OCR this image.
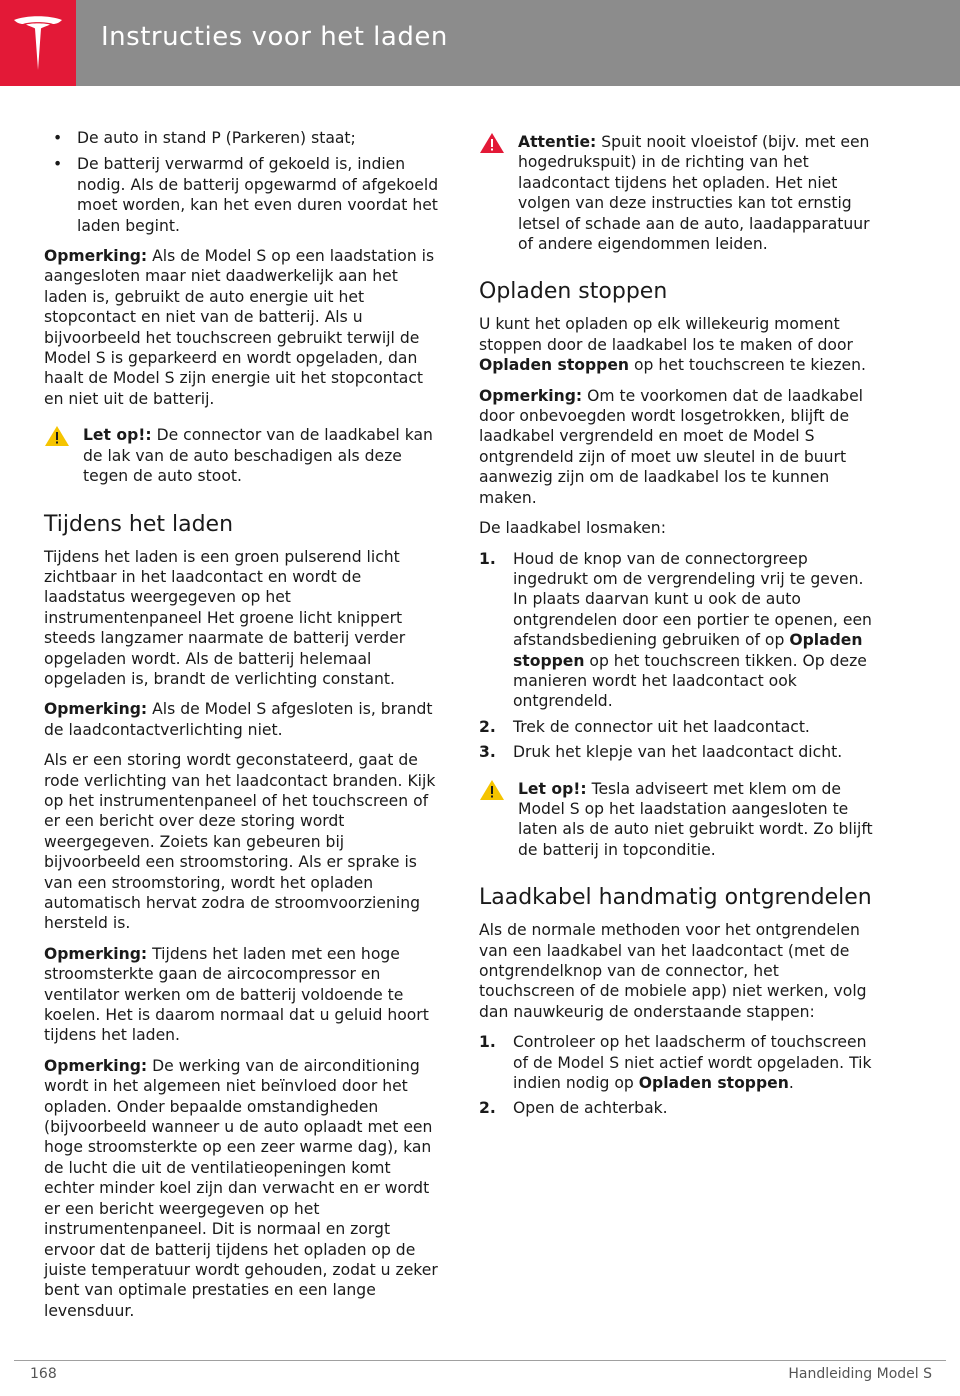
Instructies voor het laden
• De auto in stand P (Parkeren) staat;
• De batterij verwarmd of gekoeld is, indien nodig. Als de batterij opgewarmd of afgekoeld moet worden, kan het even duren voordat het laden begint.

Opmerking: Als de Model S op een laadstation is aangesloten maar niet daadwerkelijk aan het laden is, gebruikt de auto energie uit het stopcontact en niet van de batterij. Als u bijvoorbeeld het touchscreen gebruikt terwijl de Model S is geparkeerd en wordt opgeladen, dan haalt de Model S zijn energie uit het stopcontact en niet uit de batterij.

Let op!: De connector van de laadkabel kan de lak van de auto beschadigen als deze tegen de auto stoot.

Tijdens het laden

Tijdens het laden is een groen pulserend licht zichtbaar in het laadcontact en wordt de laadstatus weergegeven op het instrumentenpaneel Het groene licht knippert steeds langzamer naarmate de batterij verder opgeladen wordt. Als de batterij helemaal opgeladen is, brandt de verlichting constant.

Opmerking: Als de Model S afgesloten is, brandt de laadcontactverlichting niet.

Als er een storing wordt geconstateerd, gaat de rode verlichting van het laadcontact branden. Kijk op het instrumentenpaneel of het touchscreen of er een bericht over deze storing wordt weergegeven. Zoiets kan gebeuren bij bijvoorbeeld een stroomstoring. Als er sprake is van een stroomstoring, wordt het opladen automatisch hervat zodra de stroomvoorziening hersteld is.

Opmerking: Tijdens het laden met een hoge stroomsterkte gaan de aircocompressor en ventilator werken om de batterij voldoende te koelen. Het is daarom normaal dat u geluid hoort tijdens het laden.

Opmerking: De werking van de airconditioning wordt in het algemeen niet beïnvloed door het opladen. Onder bepaalde omstandigheden (bijvoorbeeld wanneer u de auto oplaadt met een hoge stroomsterkte op een zeer warme dag), kan de lucht die uit de ventilatieopeningen komt echter minder koel zijn dan verwacht en er wordt er een bericht weergegeven op het instrumentenpaneel. Dit is normaal en zorgt ervoor dat de batterij tijdens het opladen op de juiste temperatuur wordt gehouden, zodat u zeker bent van optimale prestaties en een lange levensduur.

Attentie: Spuit nooit vloeistof (bijv. met een hogedrukspuit) in de richting van het laadcontact tijdens het opladen. Het niet volgen van deze instructies kan tot ernstig letsel of schade aan de auto, laadapparatuur of andere eigendommen leiden.

Opladen stoppen

U kunt het opladen op elk willekeurig moment stoppen door de laadkabel los te maken of door Opladen stoppen op het touchscreen te kiezen.

Opmerking: Om te voorkomen dat de laadkabel door onbevoegden wordt losgetrokken, blijft de laadkabel vergrendeld en moet de Model S ontgrendeld zijn of moet uw sleutel in de buurt aanwezig zijn om de laadkabel los te kunnen maken.

De laadkabel losmaken:

1. Houd de knop van de connectorgreep ingedrukt om de vergrendeling vrij te geven. In plaats daarvan kunt u ook de auto ontgrendelen door een portier te openen, een afstandsbediening gebruiken of op Opladen stoppen op het touchscreen tikken. Op deze manieren wordt het laadcontact ook ontgrendeld.
2. Trek de connector uit het laadcontact.
3. Druk het klepje van het laadcontact dicht.

Let op!: Tesla adviseert met klem om de Model S op het laadstation aangesloten te laten als de auto niet gebruikt wordt. Zo blijft de batterij in topconditie.

Laadkabel handmatig ontgrendelen

Als de normale methoden voor het ontgrendelen van een laadkabel van het laadcontact (met de ontgrendelknop van de connector, het touchscreen of de mobiele app) niet werken, volg dan nauwkeurig de onderstaande stappen:

1. Controleer op het laadscherm of touchscreen of de Model S niet actief wordt opgeladen. Tik indien nodig op Opladen stoppen.
2. Open de achterbak.
168	Handleiding Model S
